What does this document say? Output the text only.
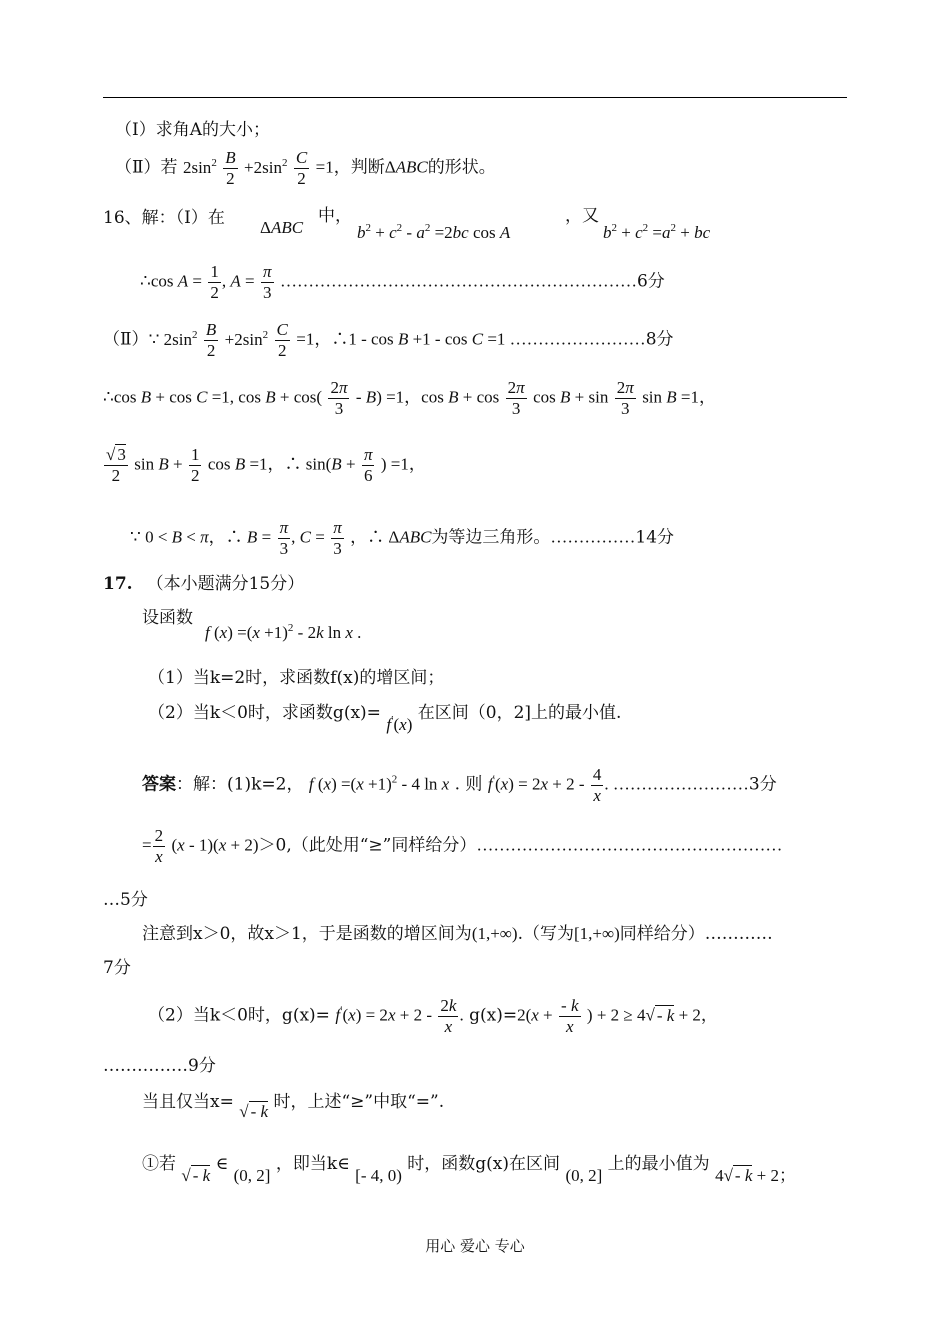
（Ⅰ）求角A的大小；
（Ⅱ）若 $2\sin^2 \frac{B}{2} +2\sin^2 \frac{C}{2} =1$，判断ΔABC的形状。
16、解：（Ⅰ）在 ΔABC
中，
$b^2 + c^2 - a^2 =2bc$ cos A
，又
$b^2 + c^2 =a^2$ + bc
∴cos $A = \frac{1}{2}$ , $A = \frac{\pi}{3}$ ………………………………………………………6分
（Ⅱ）∵ $2\sin^2 \frac{B}{2} +2\sin^2 \frac{C}{2} =1$，∴1 - cos B +1 - cos C =1 ……………………8分
∴cos B + cos C =1, $\cos B + \cos( \frac{2\pi}{3} - B) =1$，$\cos B + \cos \frac{2\pi}{3}$ $\cos B + \sin \frac{2\pi}{3}$ sin B =1，
$\frac{√ 3}{2}$ $\sin B + \frac{1}{2}$ cos B =1，∴ $\sin(B + \frac{\pi}{6}$ ) =1，
∵ 0 < B < π，∴ $B = \frac{\pi}{3}$ , $C = \frac{\pi}{3}$ ，∴ ΔABC为等边三角形。……………14分
17. （本小题满分15分）
设函数
f $(x) =(x +1)^2 - 2k$ ln x .
（1）当k=2时，求函数f(x)的增区间；
（2）当k＜0时，求函数g(x)= f′(x) 在区间（0，2]上的最小值.
答案：解：(1)k=2， f $(x) =(x +1)^2 - 4$ ln x . 则 $f'(x) = 2x + 2 - \frac{4}{x}$ . ……………………3分
= $\frac{2}{x} (x - 1)(x + 2)>0$,（此处用“≥”同样给分）………………………………………………
…5分
注意到x＞0，故x＞1，于是函数的增区间为(1,+∞).（写为[1,+∞)同样给分）…………
7分
（2）当k＜0时，$g(x)= f'(x) = 2x + 2 - \frac{2k}{x}$ . $g(x)=2(x + \frac{- k}{x}$ ) + 2 ≥ 4√ - k + 2，
……………9分
当且仅当x= √ - k 时，上述“≥”中取“=”.
①若 √ - k ∈ (0, 2] ，即当k∈ [- 4, 0) 时，函数g(x)在区间 (0, 2] 上的最小值为 4√ - k + 2；
用心 爱心 专心
